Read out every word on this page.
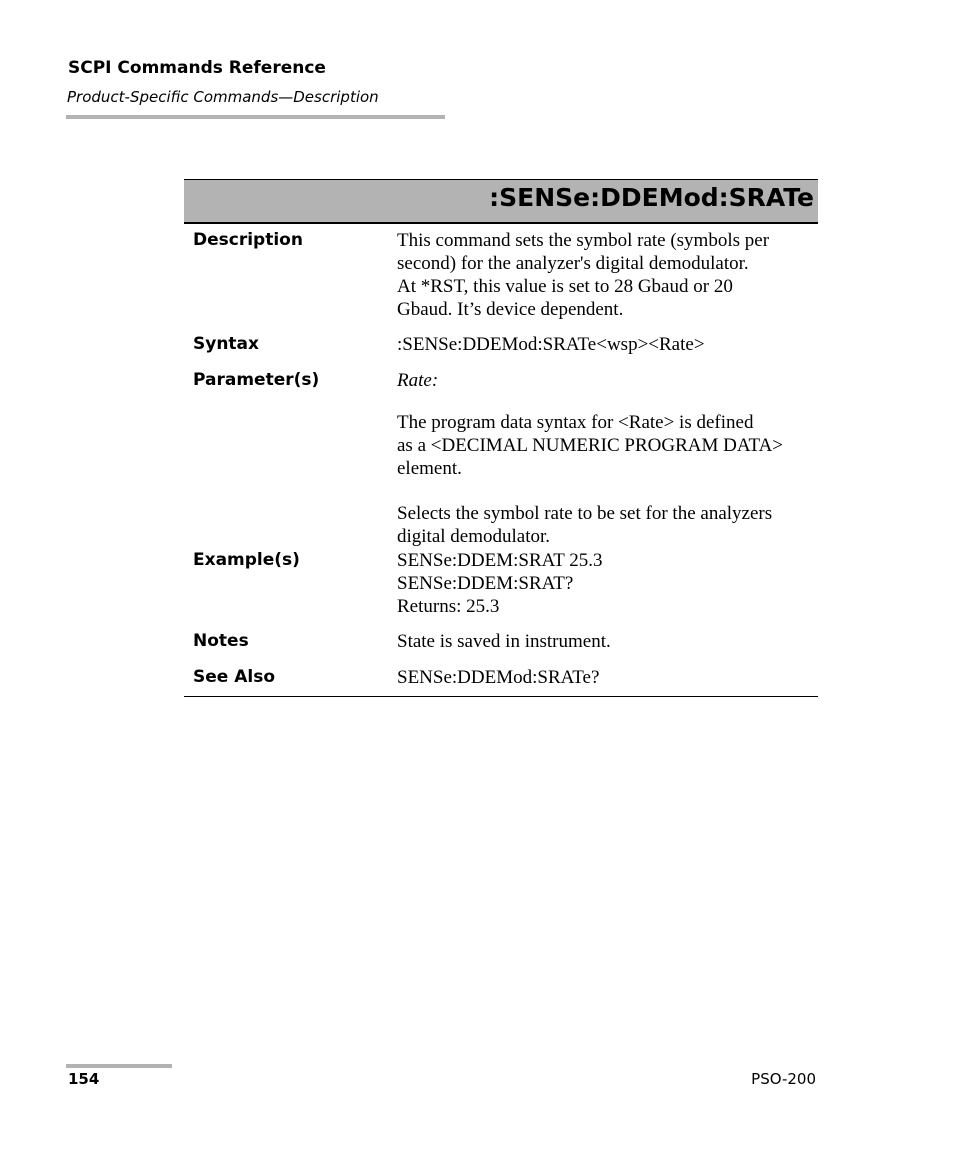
SCPI Commands Reference
Product-Specific Commands—Description
:SENSe:DDEMod:SRATe
Description	This command sets the symbol rate (symbols per

second) for the analyzer's digital demodulator.

At *RST, this value is set to 28 Gbaud or 20

Gbaud. It’s device dependent.

Syntax	:SENSe:DDEMod:SRATe<wsp><Rate>

Parameter(s)	Rate:

The program data syntax for <Rate> is defined

as a <DECIMAL NUMERIC PROGRAM DATA>

element.

Selects the symbol rate to be set for the analyzers

digital demodulator.

Example(s)	SENSe:DDEM:SRAT 25.3

SENSe:DDEM:SRAT?

Returns: 25.3

Notes	State is saved in instrument.

See Also	SENSe:DDEMod:SRATe?

154	PSO-200
